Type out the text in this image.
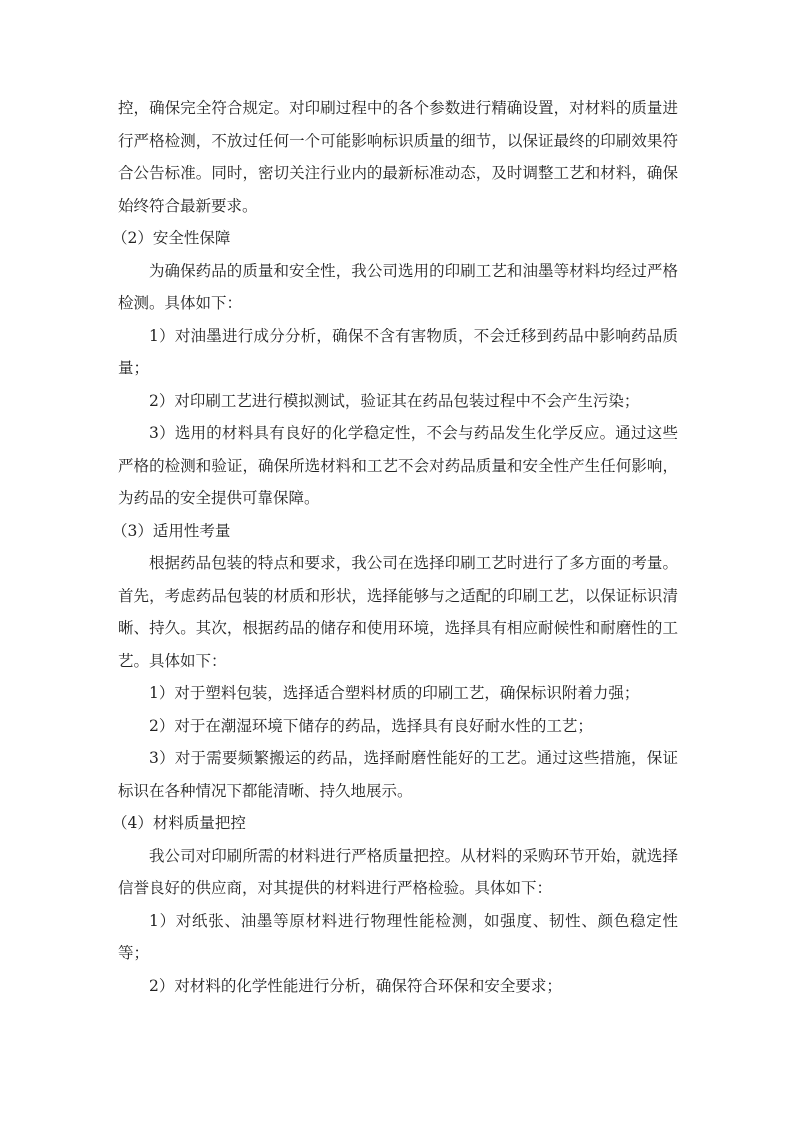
控，确保完全符合规定。对印刷过程中的各个参数进行精确设置，对材料的质量进行严格检测，不放过任何一个可能影响标识质量的细节，以保证最终的印刷效果符合公告标准。同时，密切关注行业内的最新标准动态，及时调整工艺和材料，确保始终符合最新要求。

（2）安全性保障

为确保药品的质量和安全性，我公司选用的印刷工艺和油墨等材料均经过严格检测。具体如下：

1）对油墨进行成分分析，确保不含有害物质，不会迁移到药品中影响药品质量；

2）对印刷工艺进行模拟测试，验证其在药品包装过程中不会产生污染；

3）选用的材料具有良好的化学稳定性，不会与药品发生化学反应。通过这些严格的检测和验证，确保所选材料和工艺不会对药品质量和安全性产生任何影响，为药品的安全提供可靠保障。

（3）适用性考量

根据药品包装的特点和要求，我公司在选择印刷工艺时进行了多方面的考量。首先，考虑药品包装的材质和形状，选择能够与之适配的印刷工艺，以保证标识清晰、持久。其次，根据药品的储存和使用环境，选择具有相应耐候性和耐磨性的工艺。具体如下：

1）对于塑料包装，选择适合塑料材质的印刷工艺，确保标识附着力强；

2）对于在潮湿环境下储存的药品，选择具有良好耐水性的工艺；

3）对于需要频繁搬运的药品，选择耐磨性能好的工艺。通过这些措施，保证标识在各种情况下都能清晰、持久地展示。

（4）材料质量把控

我公司对印刷所需的材料进行严格质量把控。从材料的采购环节开始，就选择信誉良好的供应商，对其提供的材料进行严格检验。具体如下：

1）对纸张、油墨等原材料进行物理性能检测，如强度、韧性、颜色稳定性等；

2）对材料的化学性能进行分析，确保符合环保和安全要求；
